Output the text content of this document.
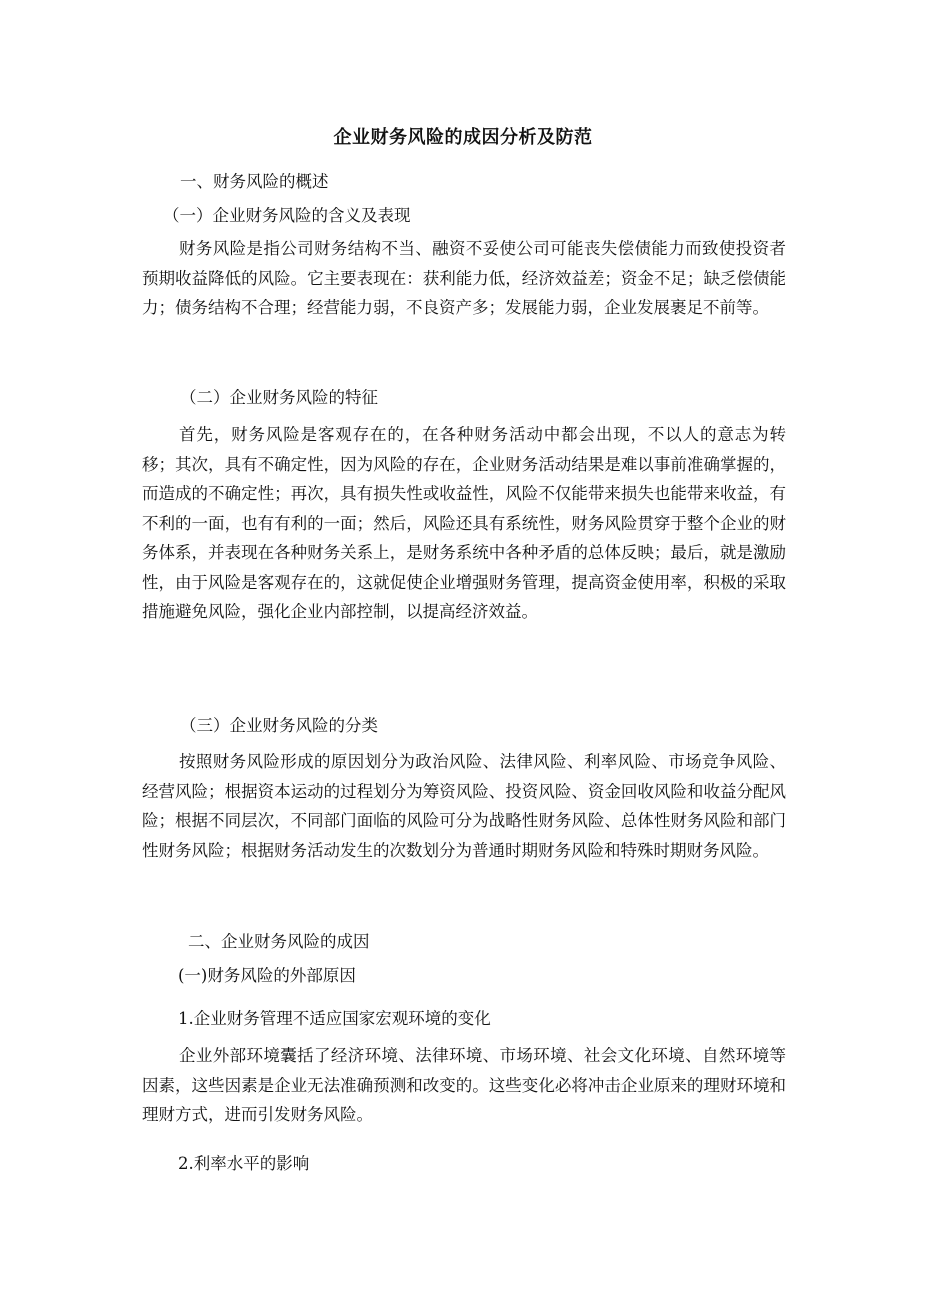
企业财务风险的成因分析及防范
一、财务风险的概述
（一）企业财务风险的含义及表现

财务风险是指公司财务结构不当、融资不妥使公司可能丧失偿债能力而致使投资者预期收益降低的风险。它主要表现在：获利能力低，经济效益差；资金不足；缺乏偿债能力；债务结构不合理；经营能力弱，不良资产多；发展能力弱，企业发展裹足不前等。

（二）企业财务风险的特征

首先，财务风险是客观存在的，在各种财务活动中都会出现，不以人的意志为转移；其次，具有不确定性，因为风险的存在，企业财务活动结果是难以事前准确掌握的，而造成的不确定性；再次，具有损失性或收益性，风险不仅能带来损失也能带来收益，有不利的一面，也有有利的一面；然后，风险还具有系统性，财务风险贯穿于整个企业的财务体系，并表现在各种财务关系上，是财务系统中各种矛盾的总体反映；最后，就是激励性，由于风险是客观存在的，这就促使企业增强财务管理，提高资金使用率，积极的采取措施避免风险，强化企业内部控制，以提高经济效益。

（三）企业财务风险的分类

按照财务风险形成的原因划分为政治风险、法律风险、利率风险、市场竞争风险、经营风险；根据资本运动的过程划分为筹资风险、投资风险、资金回收风险和收益分配风险；根据不同层次，不同部门面临的风险可分为战略性财务风险、总体性财务风险和部门性财务风险；根据财务活动发生的次数划分为普通时期财务风险和特殊时期财务风险。

二、企业财务风险的成因
(一)财务风险的外部原因
1.企业财务管理不适应国家宏观环境的变化

企业外部环境囊括了经济环境、法律环境、市场环境、社会文化环境、自然环境等因素，这些因素是企业无法准确预测和改变的。这些变化必将冲击企业原来的理财环境和理财方式，进而引发财务风险。

2.利率水平的影响
